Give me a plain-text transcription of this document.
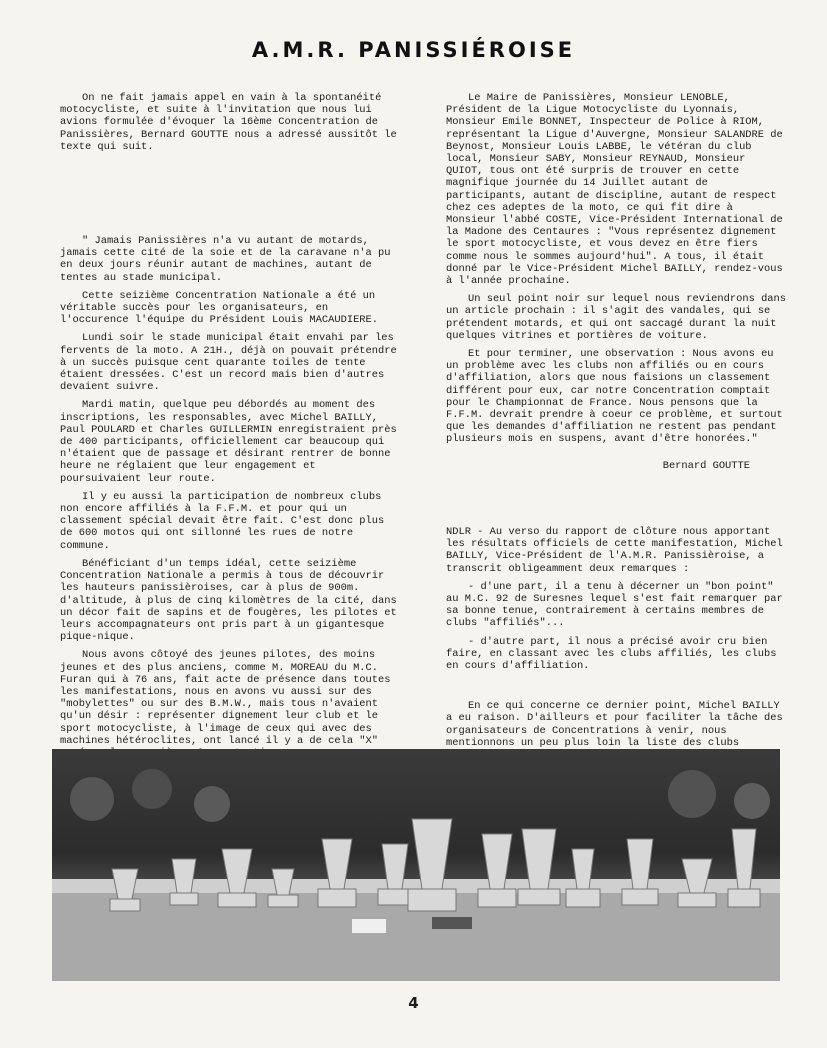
A.M.R. PANISSIÉROISE

On ne fait jamais appel en vain à la spontanéité motocycliste, et suite à l'invitation que nous lui avions formulée d'évoquer la 16ème Concentration de Panissières, Bernard GOUTTE nous a adressé aussitôt le texte qui suit.

" Jamais Panissières n'a vu autant de motards, jamais cette cité de la soie et de la caravane n'a pu en deux jours réunir autant de machines, autant de tentes au stade municipal.

Cette seizième Concentration Nationale a été un véritable succès pour les organisateurs, en l'occurence l'équipe du Président Louis MACAUDIERE.

Lundi soir le stade municipal était envahi par les fervents de la moto. A 21H., déjà on pouvait prétendre à un succès puisque cent quarante toiles de tente étaient dressées. C'est un record mais bien d'autres devaient suivre.

Mardi matin, quelque peu débordés au moment des inscriptions, les responsables, avec Michel BAILLY, Paul POULARD et Charles GUILLERMIN enregistraient près de 400 participants, officiellement car beaucoup qui n'étaient que de passage et désirant rentrer de bonne heure ne réglaient que leur engagement et poursuivaient leur route.

Il y eu aussi la participation de nombreux clubs non encore affiliés à la F.F.M. et pour qui un classement spécial devait être fait. C'est donc plus de 600 motos qui ont sillonné les rues de notre commune.

Bénéficiant d'un temps idéal, cette seizième Concentration Nationale a permis à tous de découvrir les hauteurs panissièroises, car à plus de 900m. d'altitude, à plus de cinq kilomètres de la cité, dans un décor fait de sapins et de fougères, les pilotes et leurs accompagnateurs ont pris part à un gigantesque pique-nique.

Nous avons côtoyé des jeunes pilotes, des moins jeunes et des plus anciens, comme M. MOREAU du M.C. Furan qui à 76 ans, fait acte de présence dans toutes les manifestations, nous en avons vu aussi sur des "mobylettes" ou sur des B.M.W., mais tous n'avaient qu'un désir : représenter dignement leur club et le sport motocycliste, à l'image de ceux qui avec des machines hétéroclites, ont lancé il y a de cela "X"

Le Maire de Panissières, Monsieur LENOBLE, Président de la Ligue Motocycliste du Lyonnais, Monsieur Emile BONNET, Inspecteur de Police à RIOM, représentant la Ligue d'Auvergne, Monsieur SALANDRE de Beynost, Monsieur Louis LABBE, le vétéran du club local, Monsieur SABY, Monsieur REYNAUD, Monsieur QUIOT, tous ont été surpris de trouver en cette magnifique journée du 14 Juillet autant de participants, autant de discipline, autant de respect chez ces adeptes de la moto, ce qui fit dire à Monsieur l'abbé COSTE, Vice-Président International de la Madone des Centaures : "Vous représentez dignement le sport motocycliste, et vous devez en être fiers comme nous le sommes aujourd'hui". A tous, il était donné par le Vice-Président Michel BAILLY, rendez-vous à l'année prochaine.

Un seul point noir sur lequel nous reviendrons dans un article prochain : il s'agit des vandales, qui se prétendent motards, et qui ont saccagé durant la nuit quelques vitrines et portières de voiture.

Et pour terminer, une observation : Nous avons eu un problème avec les clubs non affiliés ou en cours d'affiliation, alors que nous faisions un classement différent pour eux, car notre Concentration comptait pour le Championnat de France. Nous pensons que la F.F.M. devrait prendre à coeur ce problème, et surtout que les demandes d'affiliation ne restent pas pendant plusieurs mois en suspens, avant d'être honorées."

Bernard GOUTTE

NDLR - Au verso du rapport de clôture nous apportant les résultats officiels de cette manifestation, Michel BAILLY, Vice-Président de l'A.M.R. Panissièroise, a transcrit obligeamment deux remarques :

- d'une part, il a tenu à décerner un "bon point" au M.C. 92 de Suresnes lequel s'est fait remarquer par sa bonne tenue, contrairement à certains membres de clubs "affiliés"...

- d'autre part, il nous a précisé avoir cru bien faire, en classant avec les clubs affiliés, les clubs en cours d'affiliation.

En ce qui concerne ce dernier point, Michel BAILLY a eu raison. D'ailleurs et pour faciliter la tâche des organisateurs de Concentrations à venir, nous mentionnons un peu plus loin la liste des clubs

4
